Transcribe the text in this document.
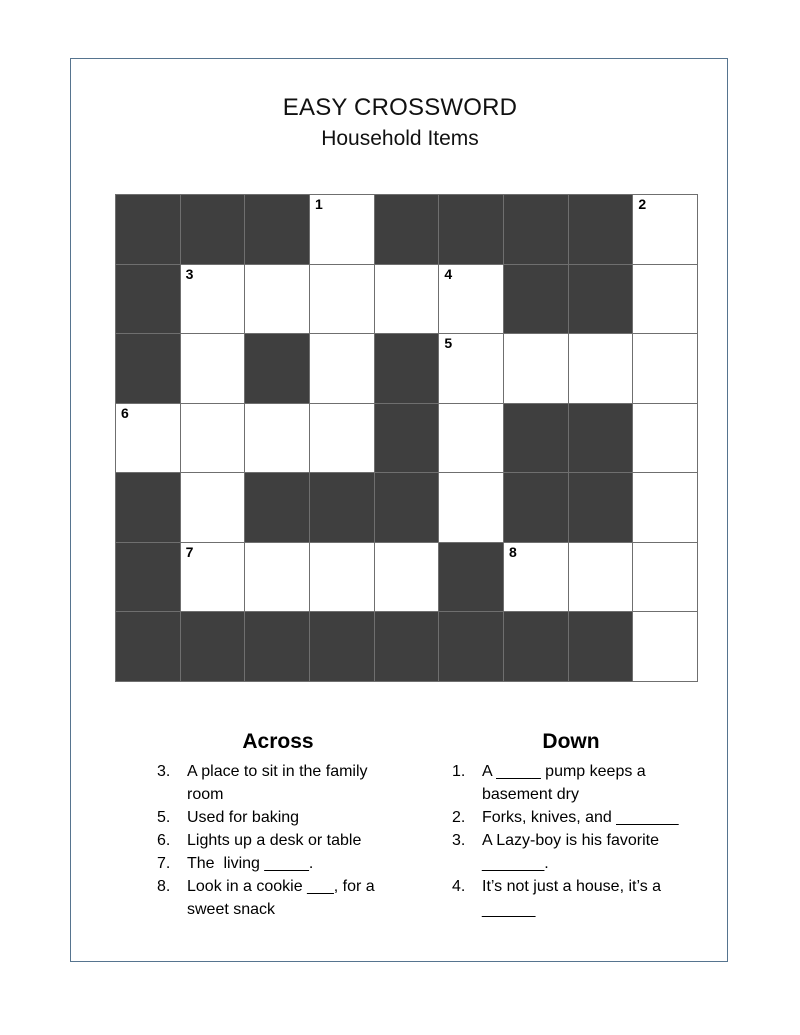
EASY CROSSWORD
Household Items
1	2
3	4
5
6
7	8
Across
3.	A place to sit in the family
room
5.	Used for baking
6.	Lights up a desk or table
7.	The  living _____.
8.	Look in a cookie ___, for a
sweet snack
Down
1.	A _____ pump keeps a
basement dry
2.	Forks, knives, and _______
3.	A Lazy-boy is his favorite
_______.
4.	It’s not just a house, it’s a
______
